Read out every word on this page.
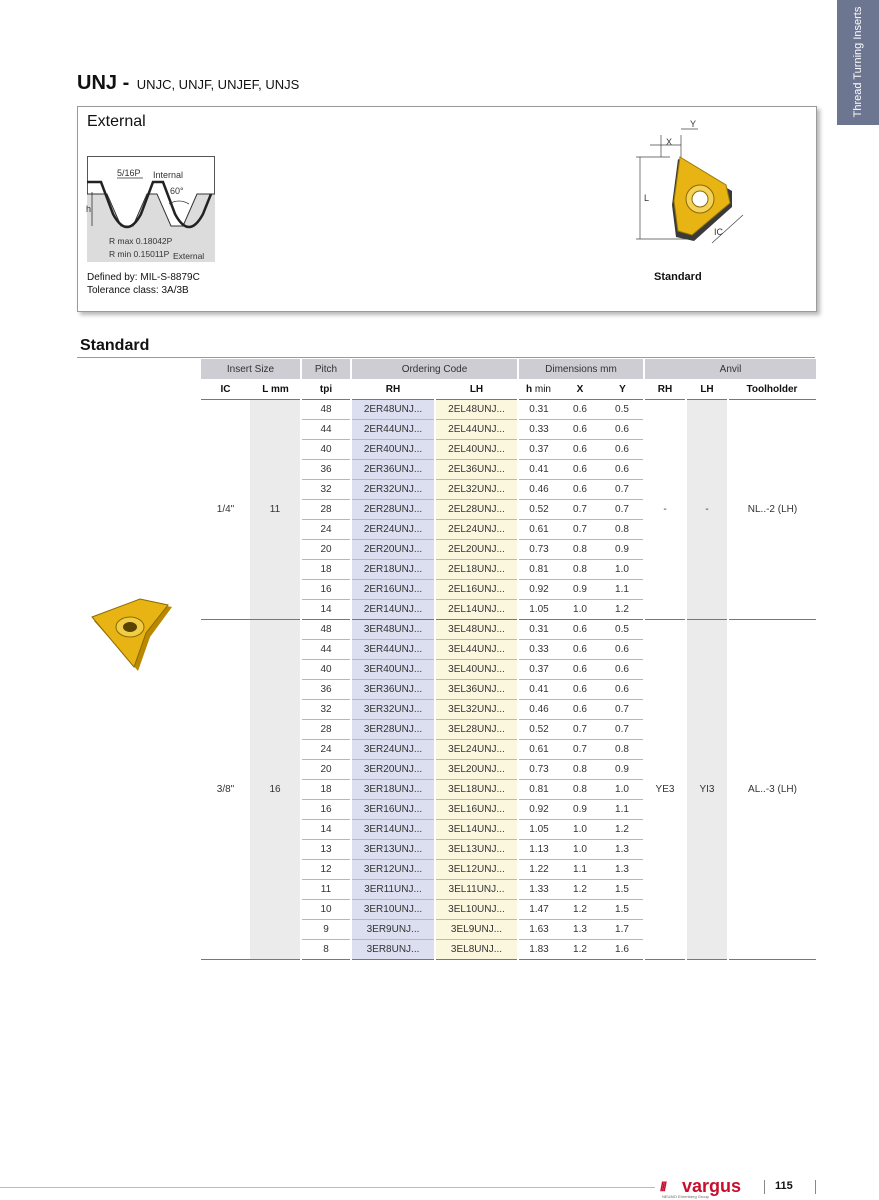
Thread Turning Inserts
UNJ - UNJC, UNJF, UNJEF, UNJS
External
5/16P Internal
60°
h
R max 0.18042P
R min 0.15011P External
Defined by: MIL-S-8879C
Tolerance class: 3A/3B
X
Y
L
IC
Standard
Standard
Insert Size		Pitch	Ordering Code		Dimensions mm			Anvil		
IC	L mm	tpi	RH	LH	h min	X	Y	RH	LH	Toolholder
1/4"	11	48	2ER48UNJ...	2EL48UNJ...	0.31	0.6	0.5	-	-	NL..-2 (LH)
		44	2ER44UNJ...	2EL44UNJ...	0.33	0.6	0.6			
		40	2ER40UNJ...	2EL40UNJ...	0.37	0.6	0.6			
		36	2ER36UNJ...	2EL36UNJ...	0.41	0.6	0.6			
		32	2ER32UNJ...	2EL32UNJ...	0.46	0.6	0.7			
		28	2ER28UNJ...	2EL28UNJ...	0.52	0.7	0.7			
		24	2ER24UNJ...	2EL24UNJ...	0.61	0.7	0.8			
		20	2ER20UNJ...	2EL20UNJ...	0.73	0.8	0.9			
		18	2ER18UNJ...	2EL18UNJ...	0.81	0.8	1.0			
		16	2ER16UNJ...	2EL16UNJ...	0.92	0.9	1.1			
		14	2ER14UNJ...	2EL14UNJ...	1.05	1.0	1.2			
3/8"	16	48	3ER48UNJ...	3EL48UNJ...	0.31	0.6	0.5	YE3	YI3	AL..-3 (LH)
		44	3ER44UNJ...	3EL44UNJ...	0.33	0.6	0.6			
		40	3ER40UNJ...	3EL40UNJ...	0.37	0.6	0.6			
		36	3ER36UNJ...	3EL36UNJ...	0.41	0.6	0.6			
		32	3ER32UNJ...	3EL32UNJ...	0.46	0.6	0.7			
		28	3ER28UNJ...	3EL28UNJ...	0.52	0.7	0.7			
		24	3ER24UNJ...	3EL24UNJ...	0.61	0.7	0.8			
		20	3ER20UNJ...	3EL20UNJ...	0.73	0.8	0.9			
		18	3ER18UNJ...	3EL18UNJ...	0.81	0.8	1.0			
		16	3ER16UNJ...	3EL16UNJ...	0.92	0.9	1.1			
		14	3ER14UNJ...	3EL14UNJ...	1.05	1.0	1.2			
		13	3ER13UNJ...	3EL13UNJ...	1.13	1.0	1.3			
		12	3ER12UNJ...	3EL12UNJ...	1.22	1.1	1.3			
		11	3ER11UNJ...	3EL11UNJ...	1.33	1.2	1.5			
		10	3ER10UNJ...	3EL10UNJ...	1.47	1.2	1.5			
		9	3ER9UNJ...	3EL9UNJ...	1.63	1.3	1.7			
		8	3ER8UNJ...	3EL8UNJ...	1.83	1.2	1.6			
/// vargus
NEUMO Ehrenberg Group
115
